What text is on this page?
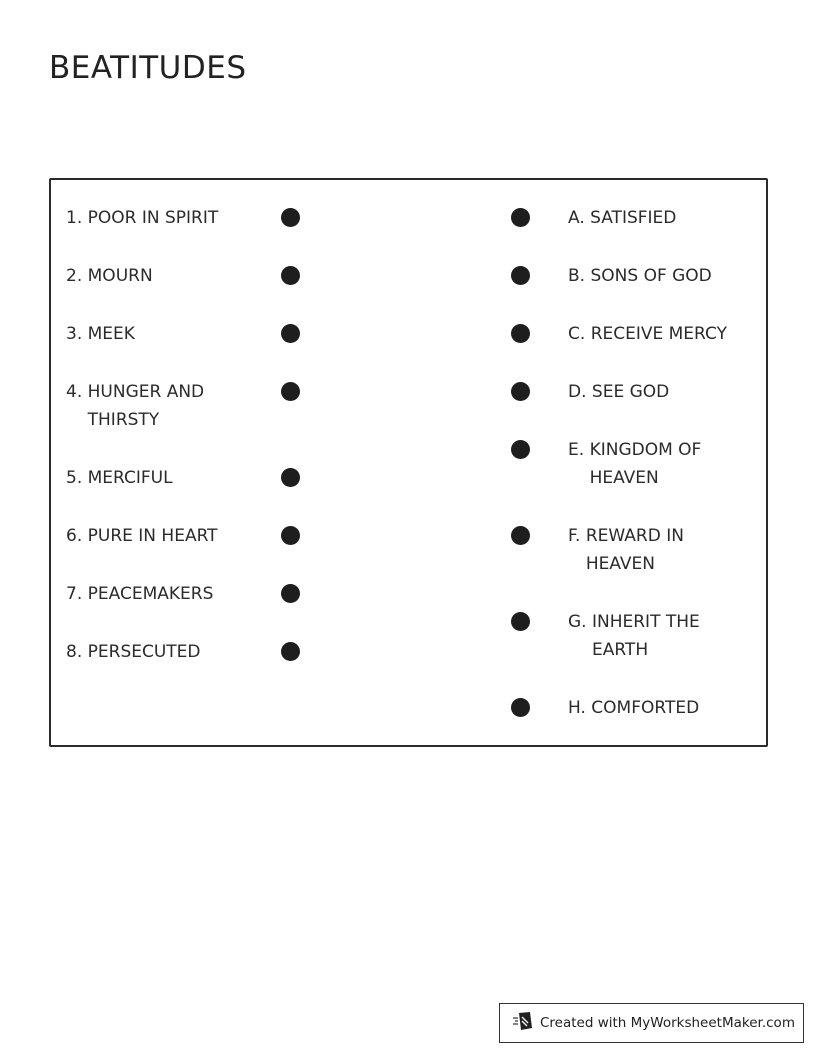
BEATITUDES
1.
POOR IN SPIRIT
2.
MOURN
3.
MEEK
4.
HUNGER AND THIRSTY
5.
MERCIFUL
6.
PURE IN HEART
7.
PEACEMAKERS
8.
PERSECUTED
A.
SATISFIED
B.
SONS OF GOD
C.
RECEIVE MERCY
D.
SEE GOD
E.
KINGDOM OF HEAVEN
F.
REWARD IN HEAVEN
G.
INHERIT THE EARTH
H.
COMFORTED
Created with MyWorksheetMaker.com
